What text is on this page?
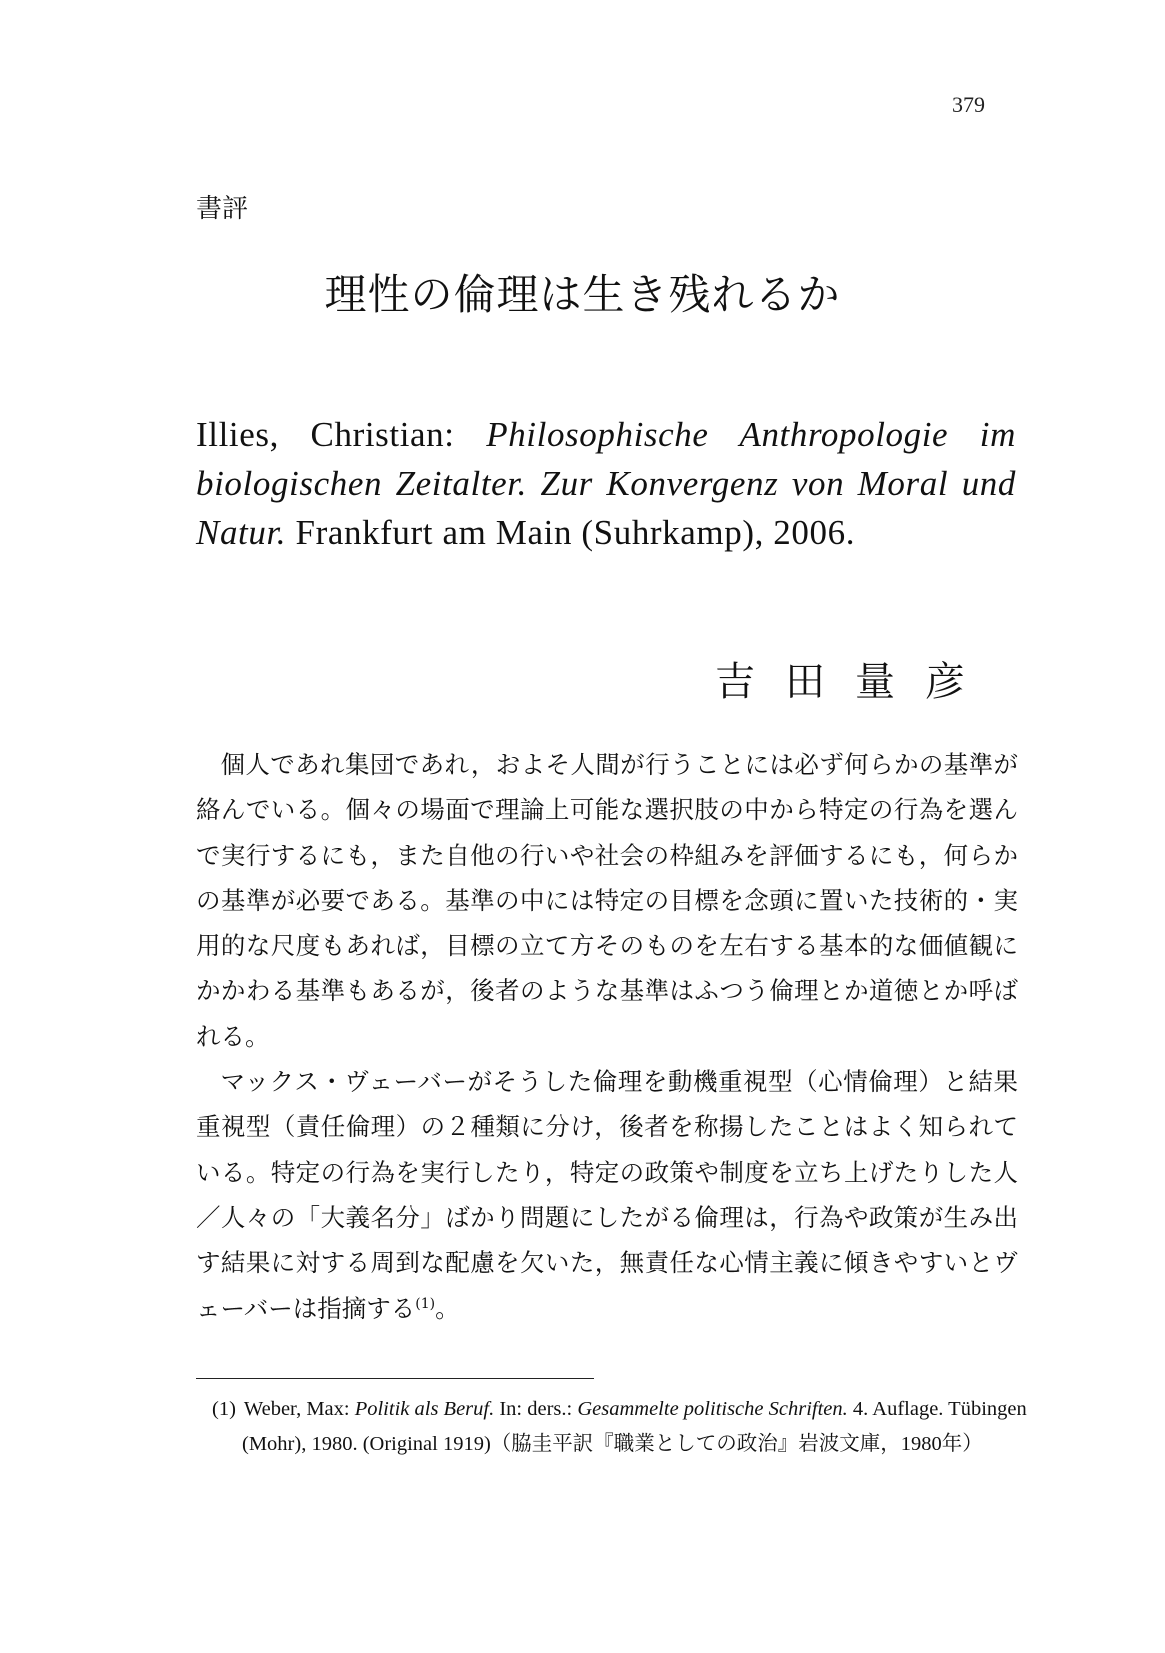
379
書評
理性の倫理は生き残れるか
Illies, Christian: Philosophische Anthropologie im biologischen Zeitalter. Zur Konvergenz von Moral und Natur. Frankfurt am Main (Suhrkamp), 2006.
吉田量彦

個人であれ集団であれ，およそ人間が行うことには必ず何らかの基準が絡んでいる。個々の場面で理論上可能な選択肢の中から特定の行為を選んで実行するにも，また自他の行いや社会の枠組みを評価するにも，何らかの基準が必要である。基準の中には特定の目標を念頭に置いた技術的・実用的な尺度もあれば，目標の立て方そのものを左右する基本的な価値観にかかわる基準もあるが，後者のような基準はふつう倫理とか道徳とか呼ばれる。

マックス・ヴェーバーがそうした倫理を動機重視型（心情倫理）と結果重視型（責任倫理）の２種類に分け，後者を称揚したことはよく知られている。特定の行為を実行したり，特定の政策や制度を立ち上げたりした人／人々の「大義名分」ばかり問題にしたがる倫理は，行為や政策が生み出す結果に対する周到な配慮を欠いた，無責任な心情主義に傾きやすいとヴェーバーは指摘する$^{(1)}$。

(1) Weber, Max: Politik als Beruf. In: ders.: Gesammelte politische Schriften. 4. Auflage. Tübingen (Mohr), 1980. (Original 1919)（脇圭平訳『職業としての政治』岩波文庫，1980年）
